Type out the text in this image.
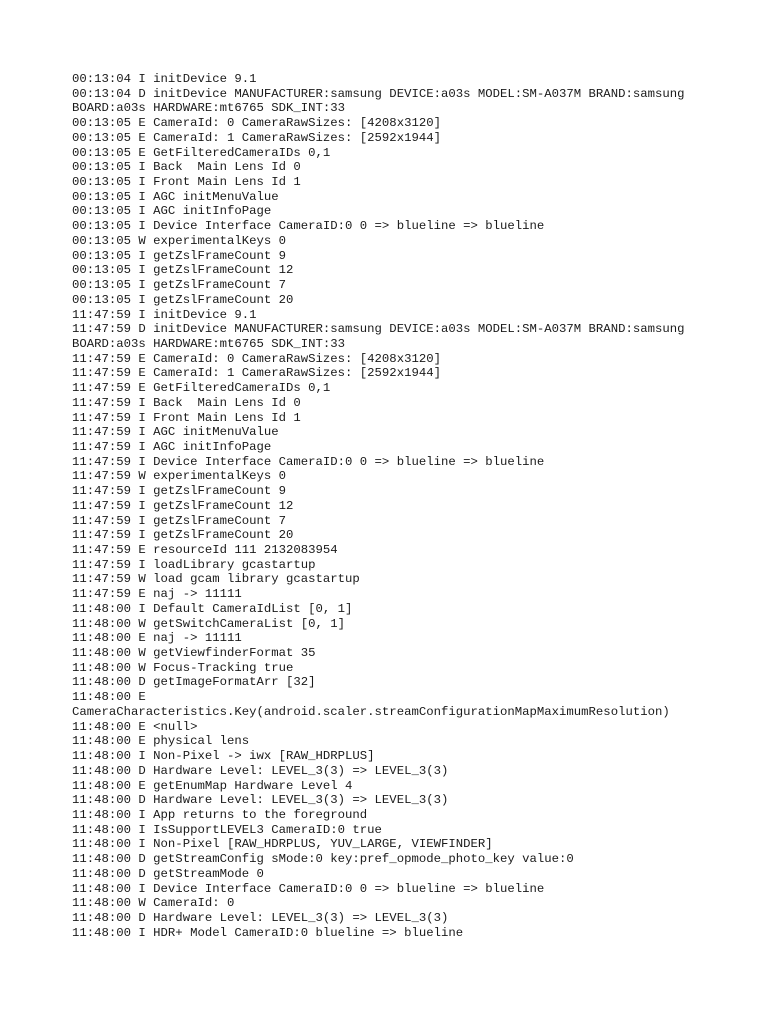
00:13:04 I initDevice 9.1
00:13:04 D initDevice MANUFACTURER:samsung DEVICE:a03s MODEL:SM-A037M BRAND:samsung
BOARD:a03s HARDWARE:mt6765 SDK_INT:33
00:13:05 E CameraId: 0 CameraRawSizes: [4208x3120]
00:13:05 E CameraId: 1 CameraRawSizes: [2592x1944]
00:13:05 E GetFilteredCameraIDs 0,1
00:13:05 I Back  Main Lens Id 0
00:13:05 I Front Main Lens Id 1
00:13:05 I AGC initMenuValue
00:13:05 I AGC initInfoPage
00:13:05 I Device Interface CameraID:0 0 => blueline => blueline
00:13:05 W experimentalKeys 0
00:13:05 I getZslFrameCount 9
00:13:05 I getZslFrameCount 12
00:13:05 I getZslFrameCount 7
00:13:05 I getZslFrameCount 20
11:47:59 I initDevice 9.1
11:47:59 D initDevice MANUFACTURER:samsung DEVICE:a03s MODEL:SM-A037M BRAND:samsung
BOARD:a03s HARDWARE:mt6765 SDK_INT:33
11:47:59 E CameraId: 0 CameraRawSizes: [4208x3120]
11:47:59 E CameraId: 1 CameraRawSizes: [2592x1944]
11:47:59 E GetFilteredCameraIDs 0,1
11:47:59 I Back  Main Lens Id 0
11:47:59 I Front Main Lens Id 1
11:47:59 I AGC initMenuValue
11:47:59 I AGC initInfoPage
11:47:59 I Device Interface CameraID:0 0 => blueline => blueline
11:47:59 W experimentalKeys 0
11:47:59 I getZslFrameCount 9
11:47:59 I getZslFrameCount 12
11:47:59 I getZslFrameCount 7
11:47:59 I getZslFrameCount 20
11:47:59 E resourceId 111 2132083954
11:47:59 I loadLibrary gcastartup
11:47:59 W load gcam library gcastartup
11:47:59 E naj -> 11111
11:48:00 I Default CameraIdList [0, 1]
11:48:00 W getSwitchCameraList [0, 1]
11:48:00 E naj -> 11111
11:48:00 W getViewfinderFormat 35
11:48:00 W Focus-Tracking true
11:48:00 D getImageFormatArr [32]
11:48:00 E
CameraCharacteristics.Key(android.scaler.streamConfigurationMapMaximumResolution)
11:48:00 E <null>
11:48:00 E physical lens
11:48:00 I Non-Pixel -> iwx [RAW_HDRPLUS]
11:48:00 D Hardware Level: LEVEL_3(3) => LEVEL_3(3)
11:48:00 E getEnumMap Hardware Level 4
11:48:00 D Hardware Level: LEVEL_3(3) => LEVEL_3(3)
11:48:00 I App returns to the foreground
11:48:00 I IsSupportLEVEL3 CameraID:0 true
11:48:00 I Non-Pixel [RAW_HDRPLUS, YUV_LARGE, VIEWFINDER]
11:48:00 D getStreamConfig sMode:0 key:pref_opmode_photo_key value:0
11:48:00 D getStreamMode 0
11:48:00 I Device Interface CameraID:0 0 => blueline => blueline
11:48:00 W CameraId: 0
11:48:00 D Hardware Level: LEVEL_3(3) => LEVEL_3(3)
11:48:00 I HDR+ Model CameraID:0 blueline => blueline
